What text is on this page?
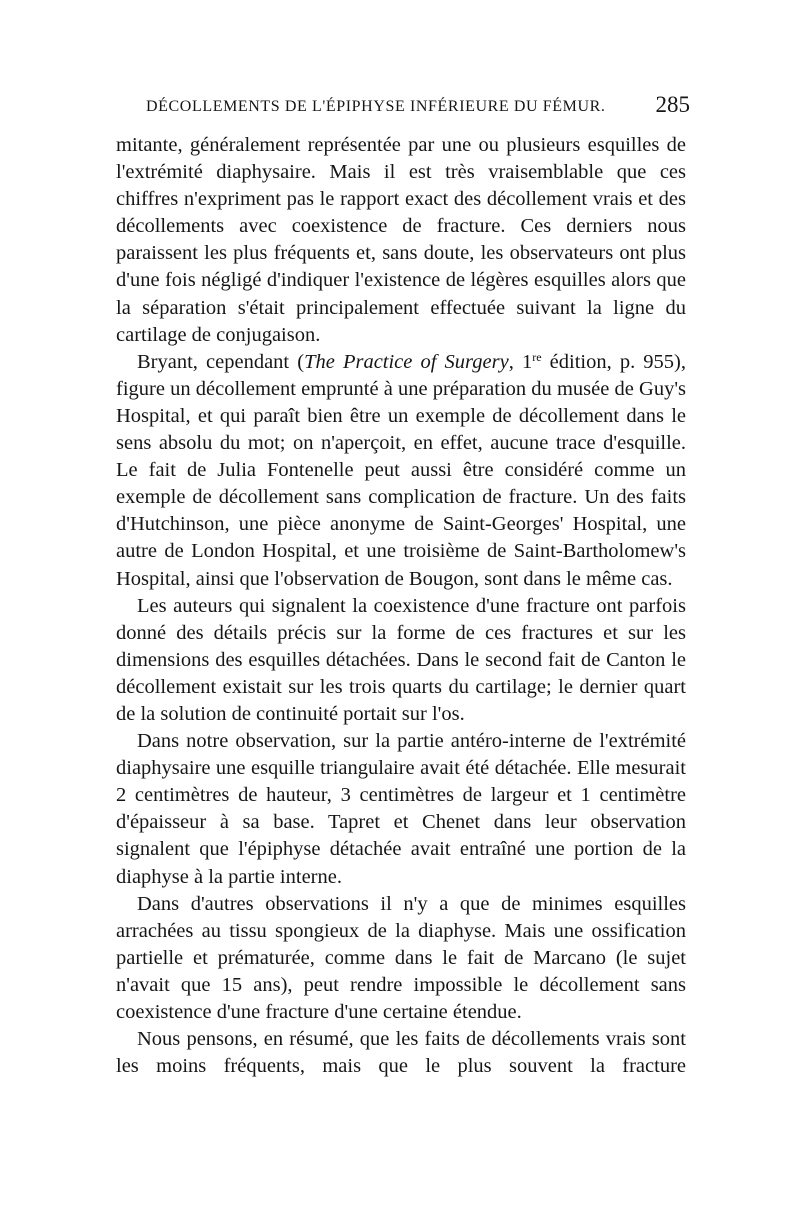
DÉCOLLEMENTS DE L'ÉPIPHYSE INFÉRIEURE DU FÉMUR. 285

mitante, généralement représentée par une ou plusieurs esquilles de l'extrémité diaphysaire. Mais il est très vraisemblable que ces chiffres n'expriment pas le rapport exact des décollement vrais et des décollements avec coexistence de fracture. Ces derniers nous paraissent les plus fréquents et, sans doute, les observateurs ont plus d'une fois négligé d'indiquer l'existence de légères esquilles alors que la séparation s'était principalement effectuée suivant la ligne du cartilage de conjugaison.

Bryant, cependant (The Practice of Surgery, 1re édition, p. 955), figure un décollement emprunté à une préparation du musée de Guy's Hospital, et qui paraît bien être un exemple de décollement dans le sens absolu du mot; on n'aperçoit, en effet, aucune trace d'esquille. Le fait de Julia Fontenelle peut aussi être considéré comme un exemple de décollement sans complication de fracture. Un des faits d'Hutchinson, une pièce anonyme de Saint-Georges' Hospital, une autre de London Hospital, et une troisième de Saint-Bartholomew's Hospital, ainsi que l'observation de Bougon, sont dans le même cas.

Les auteurs qui signalent la coexistence d'une fracture ont parfois donné des détails précis sur la forme de ces fractures et sur les dimensions des esquilles détachées. Dans le second fait de Canton le décollement existait sur les trois quarts du cartilage; le dernier quart de la solution de continuité portait sur l'os.

Dans notre observation, sur la partie antéro-interne de l'extrémité diaphysaire une esquille triangulaire avait été détachée. Elle mesurait 2 centimètres de hauteur, 3 centimètres de largeur et 1 centimètre d'épaisseur à sa base. Tapret et Chenet dans leur observation signalent que l'épiphyse détachée avait entraîné une portion de la diaphyse à la partie interne.

Dans d'autres observations il n'y a que de minimes esquilles arrachées au tissu spongieux de la diaphyse. Mais une ossification partielle et prématurée, comme dans le fait de Marcano (le sujet n'avait que 15 ans), peut rendre impossible le décollement sans coexistence d'une fracture d'une certaine étendue.

Nous pensons, en résumé, que les faits de décollements vrais sont les moins fréquents, mais que le plus souvent la fracture
